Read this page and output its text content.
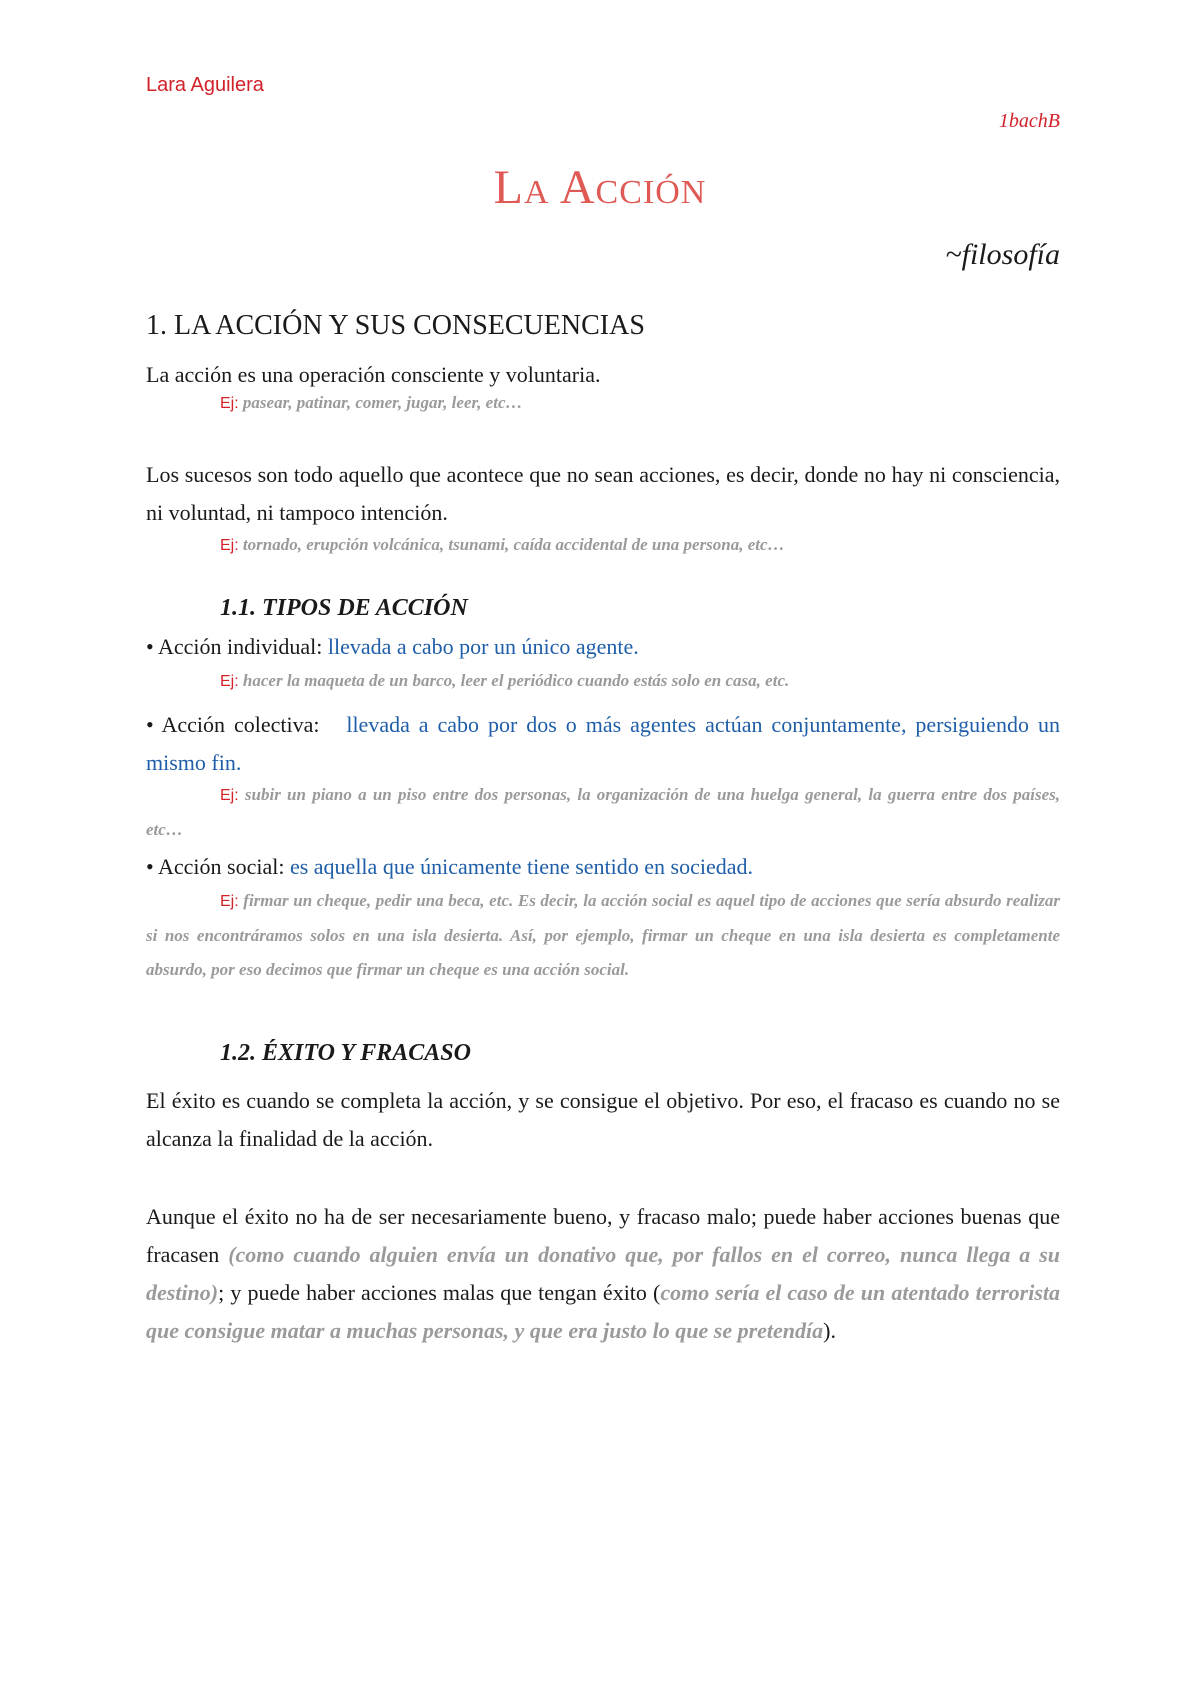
Lara Aguilera

1bachB

La Acción

~filosofía

1. LA ACCIÓN Y SUS CONSECUENCIAS

La acción es una operación consciente y voluntaria.

Ej: pasear, patinar, comer, jugar, leer, etc…

Los sucesos son todo aquello que acontece que no sean acciones, es decir, donde no hay ni consciencia, ni voluntad, ni tampoco intención.

Ej: tornado, erupción volcánica, tsunami, caída accidental de una persona, etc…

1.1. TIPOS DE ACCIÓN

• Acción individual: llevada a cabo por un único agente.

Ej: hacer la maqueta de un barco, leer el periódico cuando estás solo en casa, etc.

• Acción colectiva: llevada a cabo por dos o más agentes actúan conjuntamente, persiguiendo un mismo fin.

Ej: subir un piano a un piso entre dos personas, la organización de una huelga general, la guerra entre dos países, etc…

• Acción social: es aquella que únicamente tiene sentido en sociedad.

Ej: firmar un cheque, pedir una beca, etc. Es decir, la acción social es aquel tipo de acciones que sería absurdo realizar si nos encontráramos solos en una isla desierta. Así, por ejemplo, firmar un cheque en una isla desierta es completamente absurdo, por eso decimos que firmar un cheque es una acción social.

1.2. ÉXITO Y FRACASO

El éxito es cuando se completa la acción, y se consigue el objetivo. Por eso, el fracaso es cuando no se alcanza la finalidad de la acción.

Aunque el éxito no ha de ser necesariamente bueno, y fracaso malo; puede haber acciones buenas que fracasen (como cuando alguien envía un donativo que, por fallos en el correo, nunca llega a su destino); y puede haber acciones malas que tengan éxito (como sería el caso de un atentado terrorista que consigue matar a muchas personas, y que era justo lo que se pretendía).
